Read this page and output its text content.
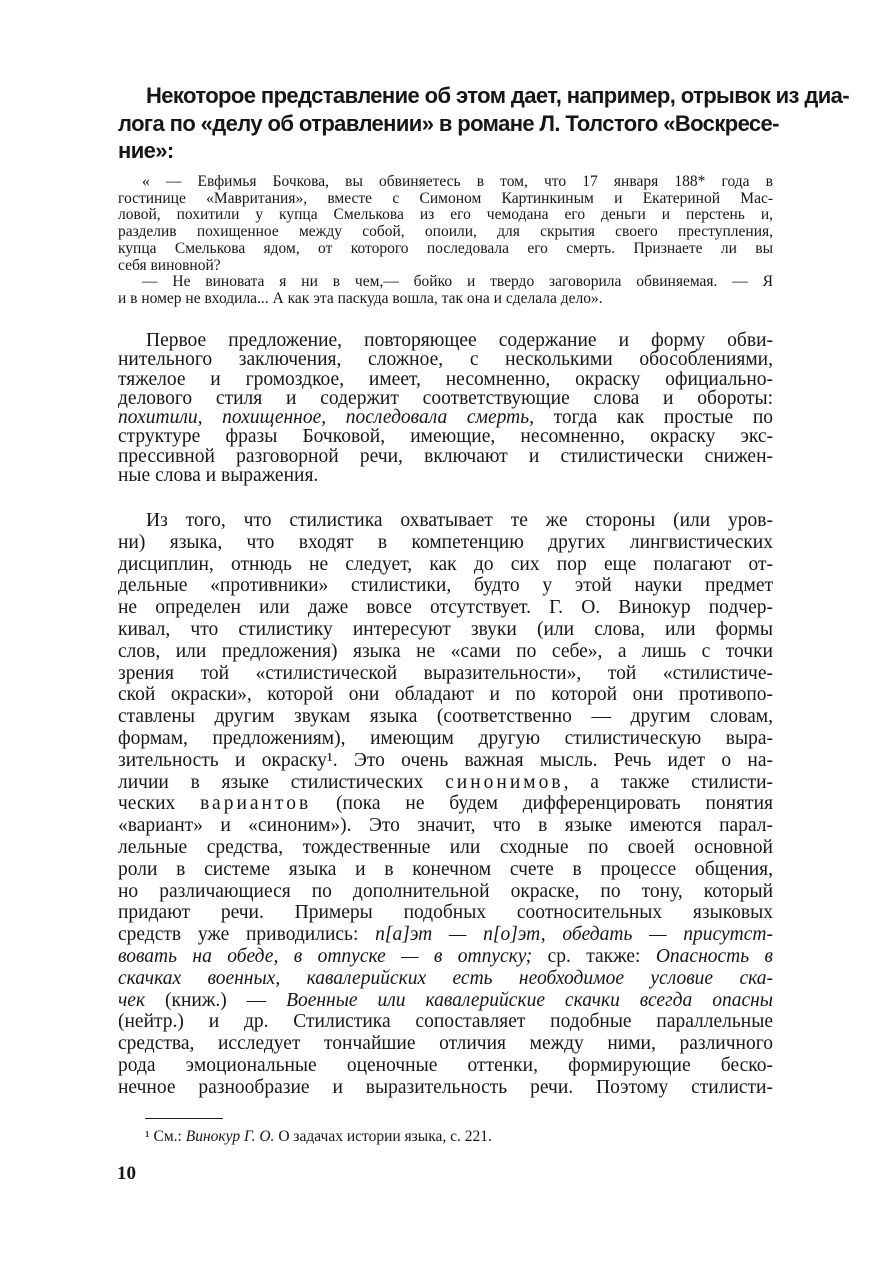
Некоторое представление об этом дает, например, отрывок из диа-
лога по «делу об отравлении» в романе Л. Толстого «Воскресе-
ние»:
« — Евфимья Бочкова, вы обвиняетесь в том, что 17 января 188* года в
гостинице «Мавритания», вместе с Симоном Картинкиным и Екатериной Мас-
ловой, похитили у купца Смелькова из его чемодана его деньги и перстень и,
разделив похищенное между собой, опоили, для скрытия своего преступления,
купца Смелькова ядом, от которого последовала его смерть. Признаете ли вы
себя виновной?
— Не виновата я ни в чем,— бойко и твердо заговорила обвиняемая. — Я
и в номер не входила... А как эта паскуда вошла, так она и сделала дело».
Первое предложение, повторяющее содержание и форму обви-
нительного заключения, сложное, с несколькими обособлениями,
тяжелое и громоздкое, имеет, несомненно, окраску официально-
делового стиля и содержит соответствующие слова и обороты:
похитили, похищенное, последовала смерть, тогда как простые по
структуре фразы Бочковой, имеющие, несомненно, окраску экс-
прессивной разговорной речи, включают и стилистически снижен-
ные слова и выражения.
Из того, что стилистика охватывает те же стороны (или уров-
ни) языка, что входят в компетенцию других лингвистических
дисциплин, отнюдь не следует, как до сих пор еще полагают от-
дельные «противники» стилистики, будто у этой науки предмет
не определен или даже вовсе отсутствует. Г. О. Винокур подчер-
кивал, что стилистику интересуют звуки (или слова, или формы
слов, или предложения) языка не «сами по себе», а лишь с точки
зрения той «стилистической выразительности», той «стилистиче-
ской окраски», которой они обладают и по которой они противопо-
ставлены другим звукам языка (соответственно — другим словам,
формам, предложениям), имеющим другую стилистическую выра-
зительность и окраску¹. Это очень важная мысль. Речь идет о на-
личии в языке стилистических синонимов, а также стилисти-
ческих вариантов (пока не будем дифференцировать понятия
«вариант» и «синоним»). Это значит, что в языке имеются парал-
лельные средства, тождественные или сходные по своей основной
роли в системе языка и в конечном счете в процессе общения,
но различающиеся по дополнительной окраске, по тону, который
придают речи. Примеры подобных соотносительных языковых
средств уже приводились: п[а]эт — п[о]эт, обедать — присутст-
вовать на обеде, в отпуске — в отпуску; ср. также: Опасность в
скачках военных, кавалерийских есть необходимое условие ска-
чек (книж.) — Военные или кавалерийские скачки всегда опасны
(нейтр.) и др. Стилистика сопоставляет подобные параллельные
средства, исследует тончайшие отличия между ними, различного
рода эмоциональные оценочные оттенки, формирующие беско-
нечное разнообразие и выразительность речи. Поэтому стилисти-
¹ См.: Винокур Г. О. О задачах истории языка, с. 221.
10
